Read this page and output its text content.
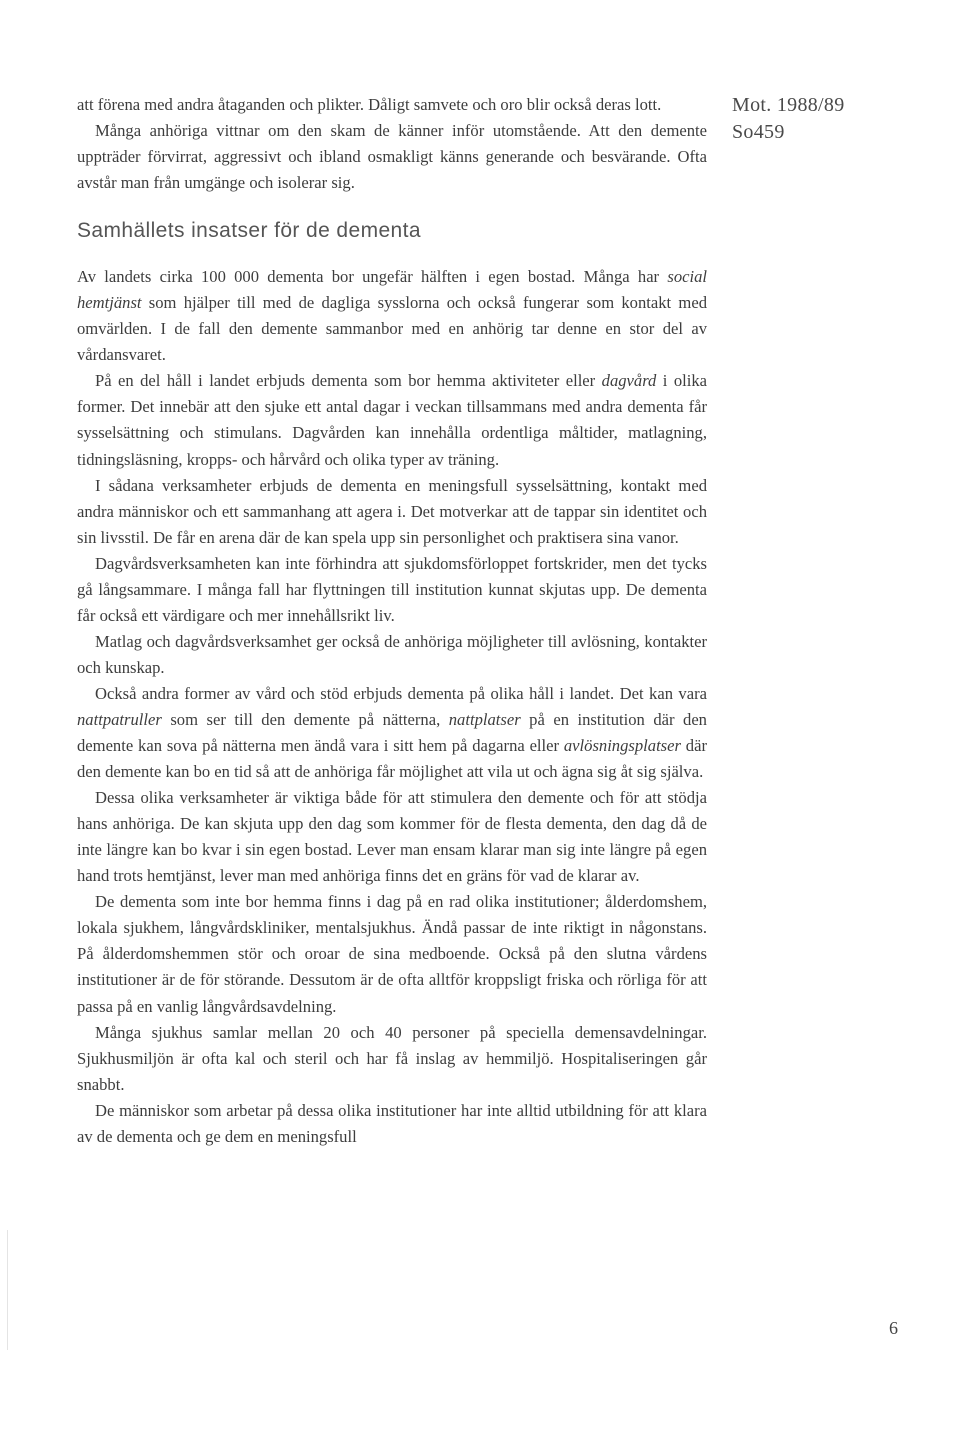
Mot. 1988/89
So459

att förena med andra åtaganden och plikter. Dåligt samvete och oro blir också deras lott.

Många anhöriga vittnar om den skam de känner inför utomstående. Att den demente uppträder förvirrat, aggressivt och ibland osmakligt känns generande och besvärande. Ofta avstår man från umgänge och isolerar sig.

Samhällets insatser för de dementa

Av landets cirka 100 000 dementa bor ungefär hälften i egen bostad. Många har social hemtjänst som hjälper till med de dagliga sysslorna och också fungerar som kontakt med omvärlden. I de fall den demente sammanbor med en anhörig tar denne en stor del av vårdansvaret.

På en del håll i landet erbjuds dementa som bor hemma aktiviteter eller dagvård i olika former. Det innebär att den sjuke ett antal dagar i veckan tillsammans med andra dementa får sysselsättning och stimulans. Dagvården kan innehålla ordentliga måltider, matlagning, tidningsläsning, kropps- och hårvård och olika typer av träning.

I sådana verksamheter erbjuds de dementa en meningsfull sysselsättning, kontakt med andra människor och ett sammanhang att agera i. Det motverkar att de tappar sin identitet och sin livsstil. De får en arena där de kan spela upp sin personlighet och praktisera sina vanor.

Dagvårdsverksamheten kan inte förhindra att sjukdomsförloppet fortskrider, men det tycks gå långsammare. I många fall har flyttningen till institution kunnat skjutas upp. De dementa får också ett värdigare och mer innehållsrikt liv.

Matlag och dagvårdsverksamhet ger också de anhöriga möjligheter till avlösning, kontakter och kunskap.

Också andra former av vård och stöd erbjuds dementa på olika håll i landet. Det kan vara nattpatruller som ser till den demente på nätterna, nattplatser på en institution där den demente kan sova på nätterna men ändå vara i sitt hem på dagarna eller avlösningsplatser där den demente kan bo en tid så att de anhöriga får möjlighet att vila ut och ägna sig åt sig själva.

Dessa olika verksamheter är viktiga både för att stimulera den demente och för att stödja hans anhöriga. De kan skjuta upp den dag som kommer för de flesta dementa, den dag då de inte längre kan bo kvar i sin egen bostad. Lever man ensam klarar man sig inte längre på egen hand trots hemtjänst, lever man med anhöriga finns det en gräns för vad de klarar av.

De dementa som inte bor hemma finns i dag på en rad olika institutioner; ålderdomshem, lokala sjukhem, långvårdskliniker, mentalsjukhus. Ändå passar de inte riktigt in någonstans. På ålderdomshemmen stör och oroar de sina medboende. Också på den slutna vårdens institutioner är de för störande. Dessutom är de ofta alltför kroppsligt friska och rörliga för att passa på en vanlig långvårdsavdelning.

Många sjukhus samlar mellan 20 och 40 personer på speciella demensavdelningar. Sjukhusmiljön är ofta kal och steril och har få inslag av hemmiljö. Hospitaliseringen går snabbt.

De människor som arbetar på dessa olika institutioner har inte alltid utbildning för att klara av de dementa och ge dem en meningsfull

6
